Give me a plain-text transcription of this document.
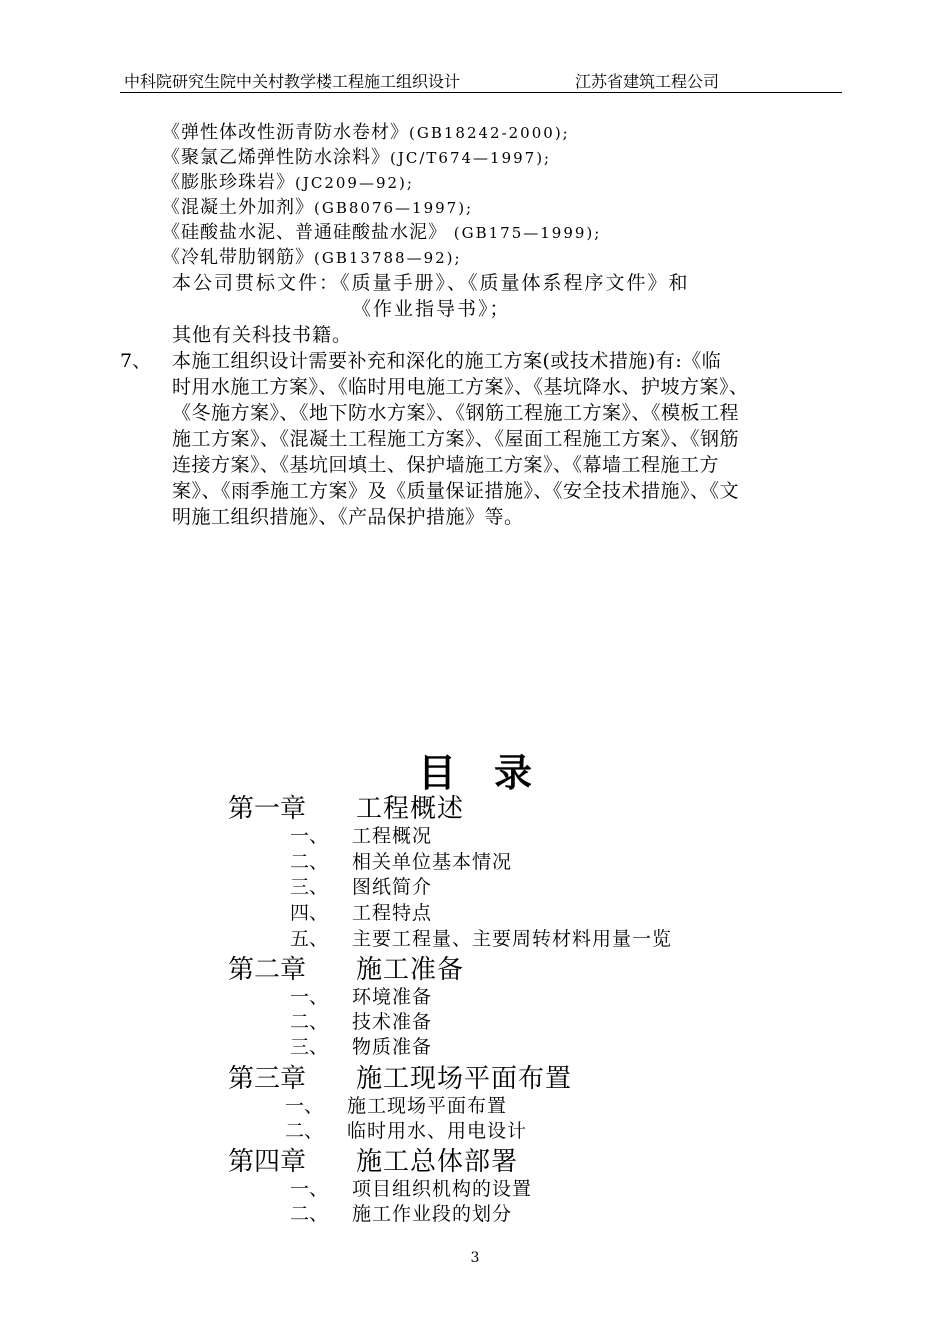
中科院研究生院中关村教学楼工程施工组织设计	江苏省建筑工程公司
《弹性体改性沥青防水卷材》(GB18242-2000);
《聚氯乙烯弹性防水涂料》(JC/T674—1997);
《膨胀珍珠岩》(JC209—92);
《混凝土外加剂》(GB8076—1997);
《硅酸盐水泥、普通硅酸盐水泥》 (GB175—1999);
《冷轧带肋钢筋》(GB13788—92);
本公司贯标文件：《质量手册》、《质量体系程序文件》和
《作业指导书》；
其他有关科技书籍。
7、 本施工组织设计需要补充和深化的施工方案(或技术措施)有:《临
时用水施工方案》、《临时用电施工方案》、《基坑降水、护坡方案》、
《冬施方案》、《地下防水方案》、《钢筋工程施工方案》、《模板工程
施工方案》、《混凝土工程施工方案》、《屋面工程施工方案》、《钢筋
连接方案》、《基坑回填土、保护墙施工方案》、《幕墙工程施工方
案》、《雨季施工方案》及《质量保证措施》、《安全技术措施》、《文
明施工组织措施》、《产品保护措施》等。
目录
第一章 工程概述
一、 工程概况
二、 相关单位基本情况
三、 图纸简介
四、 工程特点
五、 主要工程量、主要周转材料用量一览
第二章 施工准备
一、 环境准备
二、 技术准备
三、 物质准备
第三章 施工现场平面布置
一、 施工现场平面布置
二、 临时用水、用电设计
第四章 施工总体部署
一、 项目组织机构的设置
二、 施工作业段的划分
3
